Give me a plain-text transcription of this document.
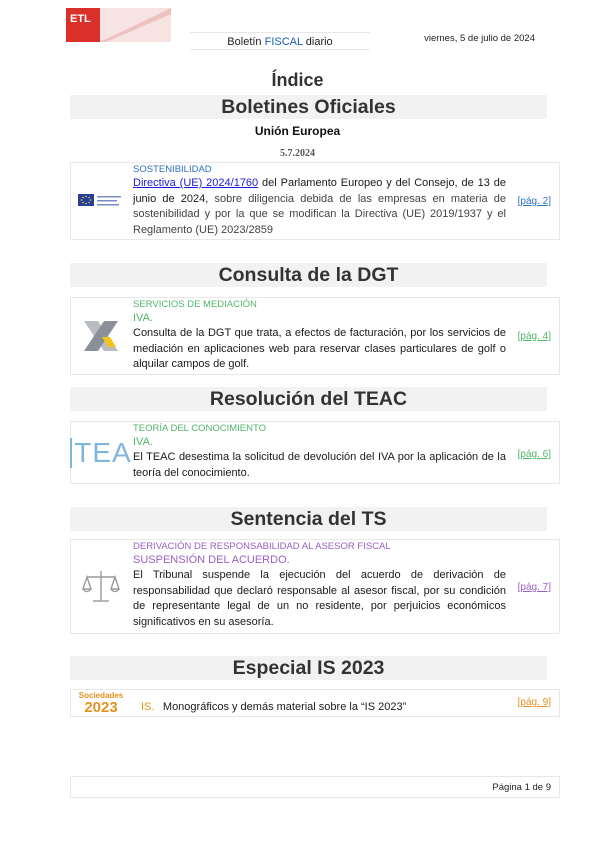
ETL
Boletín FISCAL diario	viernes, 5 de julio de 2024
Índice
Boletines Oficiales
Unión Europea
5.7.2024
SOSTENIBILIDAD
Directiva (UE) 2024/1760 del Parlamento Europeo y del Consejo, de 13 de junio de 2024, sobre diligencia debida de las empresas en materia de sostenibilidad y por la que se modifican la Directiva (UE) 2019/1937 y el Reglamento (UE) 2023/2859
[pág. 2]
Consulta de la DGT
SERVICIOS DE MEDIACIÓN
IVA.
Consulta de la DGT que trata, a efectos de facturación, por los servicios de mediación en aplicaciones web para reservar clases particulares de golf o alquilar campos de golf.
[pág. 4]
Resolución del TEAC
TEA
TEORÍA DEL CONOCIMIENTO
IVA.
El TEAC desestima la solicitud de devolución del IVA por la aplicación de la teoría del conocimiento.
[pág. 6]
Sentencia del TS
DERIVACIÓN DE RESPONSABILIDAD AL ASESOR FISCAL
SUSPENSIÓN DEL ACUERDO.
El Tribunal suspende la ejecución del acuerdo de derivación de responsabilidad que declaró responsable al asesor fiscal, por su condición de representante legal de un no residente, por perjuicios económicos significativos en su asesoría.
[pág. 7]
Especial IS 2023
Sociedades
2023 IS. Monográficos y demás material sobre la “IS 2023”	[pág. 9]
Página 1 de 9
